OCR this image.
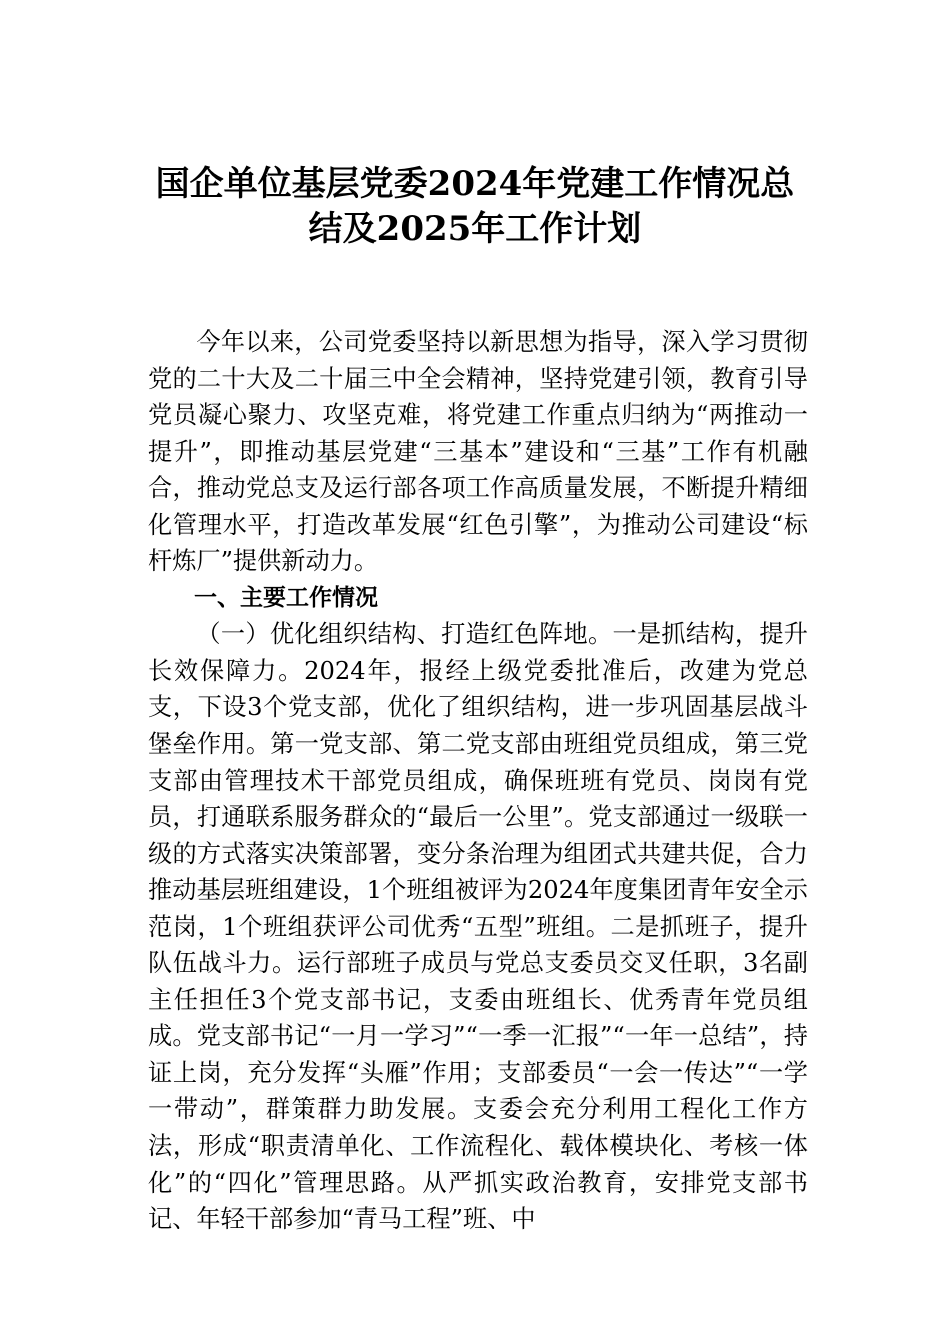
国企单位基层党委2024年党建工作情况总
结及2025年工作计划

今年以来，公司党委坚持以新思想为指导，深入学习贯彻党的二十大及二十届三中全会精神，坚持党建引领，教育引导党员凝心聚力、攻坚克难，将党建工作重点归纳为“两推动一提升”，即推动基层党建“三基本”建设和“三基”工作有机融合，推动党总支及运行部各项工作高质量发展，不断提升精细化管理水平，打造改革发展“红色引擎”，为推动公司建设“标杆炼厂”提供新动力。

一、主要工作情况

（一）优化组织结构、打造红色阵地。一是抓结构，提升长效保障力。2024年，报经上级党委批准后，改建为党总支，下设3个党支部，优化了组织结构，进一步巩固基层战斗堡垒作用。第一党支部、第二党支部由班组党员组成，第三党支部由管理技术干部党员组成，确保班班有党员、岗岗有党员，打通联系服务群众的“最后一公里”。党支部通过一级联一级的方式落实决策部署，变分条治理为组团式共建共促，合力推动基层班组建设，1个班组被评为2024年度集团青年安全示范岗，1个班组获评公司优秀“五型”班组。二是抓班子，提升队伍战斗力。运行部班子成员与党总支委员交叉任职，3名副主任担任3个党支部书记，支委由班组长、优秀青年党员组成。党支部书记“一月一学习”“一季一汇报”“一年一总结”，持证上岗，充分发挥“头雁”作用；支部委员“一会一传达”“一学一带动”，群策群力助发展。支委会充分利用工程化工作方法，形成“职责清单化、工作流程化、载体模块化、考核一体化”的“四化”管理思路。从严抓实政治教育，安排党支部书记、年轻干部参加“青马工程”班、中
